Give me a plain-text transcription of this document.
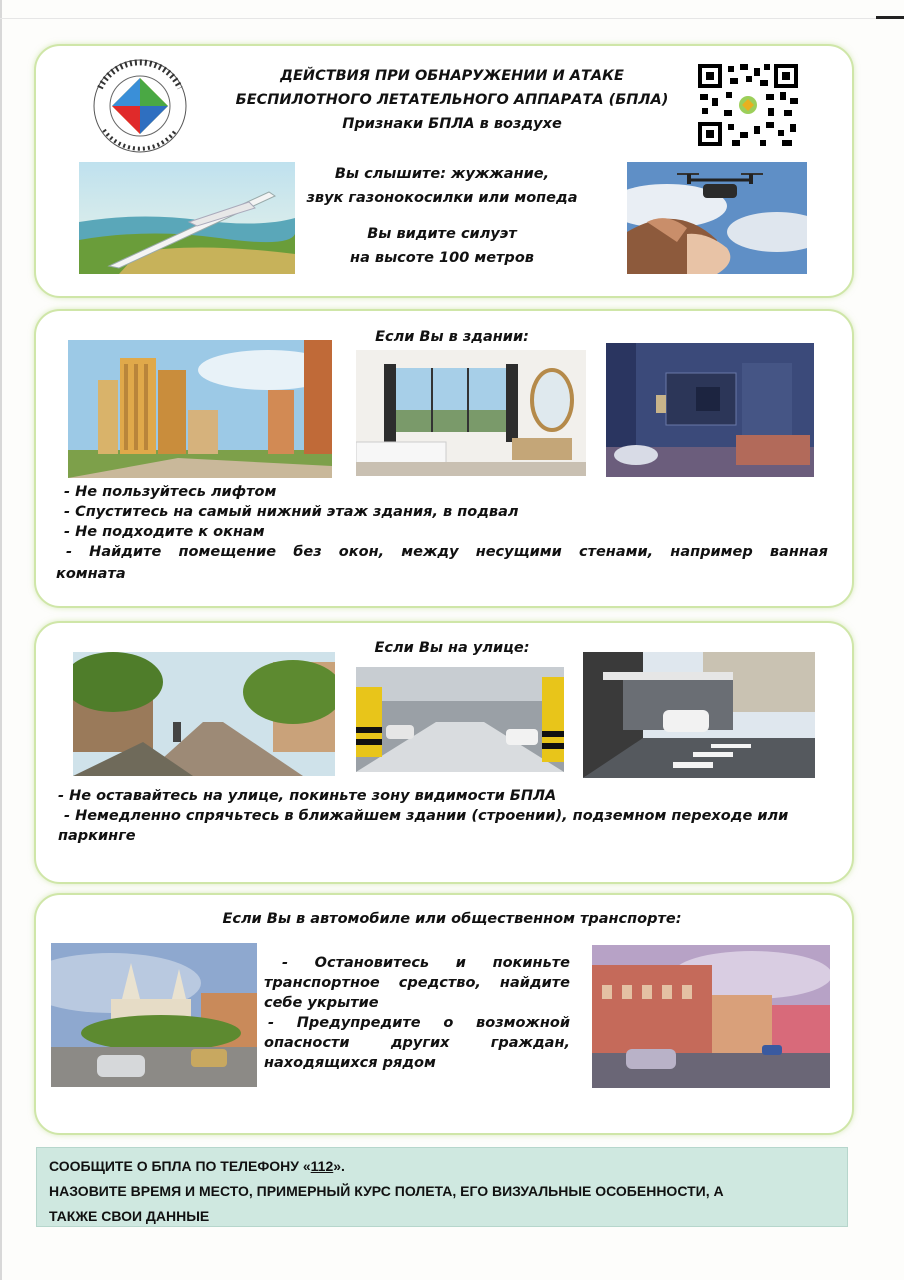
ДЕЙСТВИЯ ПРИ ОБНАРУЖЕНИИ И АТАКЕ
БЕСПИЛОТНОГО ЛЕТАТЕЛЬНОГО АППАРАТА (БПЛА)
Признаки БПЛА в воздухе
Вы слышите: жужжание,
звук газонокосилки или мопеда
Вы видите силуэт
на высоте 100 метров
Если Вы в здании:

- Не пользуйтесь лифтом

- Спуститесь на самый нижний этаж здания, в подвал

- Не подходите к окнам

- Найдите помещение без окон, между несущими стенами, например ванная

комната

Если Вы на улице:

- Не оставайтесь на улице, покиньте зону видимости БПЛА

- Немедленно спрячьтесь в ближайшем здании (строении), подземном переходе или

паркинге

Если Вы в автомобиле или общественном транспорте:

- Остановитесь и покиньте

транспортное средство, найдите

себе укрытие

- Предупредите о возможной

опасности других граждан,

находящихся рядом

СООБЩИТЕ О БПЛА ПО ТЕЛЕФОНУ «112».

НАЗОВИТЕ ВРЕМЯ И МЕСТО, ПРИМЕРНЫЙ КУРС ПОЛЕТА, ЕГО ВИЗУАЛЬНЫЕ ОСОБЕННОСТИ, А

ТАКЖЕ СВОИ ДАННЫЕ
